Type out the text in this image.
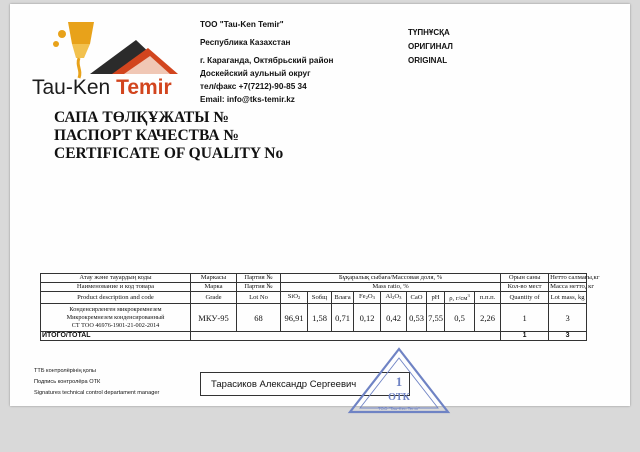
Tau-Ken Temir
ТОО "Tau-Ken Temir"
Республика Казахстан
г. Караганда, Октябрьский район
Доскейский аульный округ
тел/факс +7(7212)-90-85 34
Email: info@tks-temir.kz
ТҮПНҰСҚА
ОРИГИНАЛ
ORIGINAL
САПА ТӨЛҚҰЖАТЫ №
ПАСПОРТ КАЧЕСТВА №
CERTIFICATE OF QUALITY No
Атау және тауардың коды	Маркасы	Партия №	Бұқаралық сыбаға/Массовая доля, %									Орын саны	Нетто салмағы,кг
Наименование и код товара	Марка	Партия №	Mass ratio, %									Кол-во мест	Масса нетто, кг
Product description and code	Grade	Lot No	SiO$_2$	Sобщ	Влага	$Fe_2O_3$	$Al_2O_3$	CaO	pH	ρ, $г/см^3$	п.п.п.	Quantity of	Lot mass, kg

Конденсирленген микрокремнезем
Микрокремнезем конденсированный
СТ ТОО 46976-1901-21-002-2014	МКУ-95	68	96,91	1,58	0,71	0,12	0,42	0,53	7,55	0,5	2,26	1	3
ИТОГО/TOTAL												1	3
ТТБ контролёрінің қолы
Подпись контролёра ОТК
Signatures technical control departament manager
Тарасиков Александр Сергеевич	1
ОТК
ТОО "Tau-Ken Temir"
